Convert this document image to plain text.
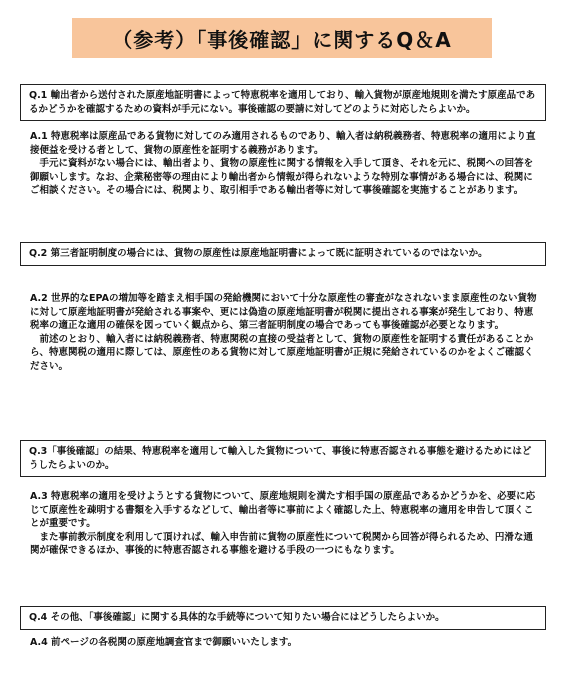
（参考）「事後確認」に関するQ＆A
Q.1 輸出者から送付された原産地証明書によって特恵税率を適用しており、輸入貨物が原産地規則を満たす原産品であるかどうかを確認するための資料が手元にない。事後確認の要請に対してどのように対応したらよいか。

A.1 特恵税率は原産品である貨物に対してのみ適用されるものであり、輸入者は納税義務者、特恵税率の適用により直接便益を受ける者として、貨物の原産性を証明する義務があります。

手元に資料がない場合には、輸出者より、貨物の原産性に関する情報を入手して頂き、それを元に、税関への回答を御願いします。なお、企業秘密等の理由により輸出者から情報が得られないような特別な事情がある場合には、税関にご相談ください。その場合には、税関より、取引相手である輸出者等に対して事後確認を実施することがあります。

Q.2 第三者証明制度の場合には、貨物の原産性は原産地証明書によって既に証明されているのではないか。

A.2 世界的なEPAの増加等を踏まえ相手国の発給機関において十分な原産性の審査がなされないまま原産性のない貨物に対して原産地証明書が発給される事案や、更には偽造の原産地証明書が税関に提出される事案が発生しており、特恵税率の適正な適用の確保を図っていく観点から、第三者証明制度の場合であっても事後確認が必要となります。

前述のとおり、輸入者には納税義務者、特恵関税の直接の受益者として、貨物の原産性を証明する責任があることから、特恵関税の適用に際しては、原産性のある貨物に対して原産地証明書が正規に発給されているのかをよくご確認ください。

Q.3「事後確認」の結果、特恵税率を適用して輸入した貨物について、事後に特恵否認される事態を避けるためにはどうしたらよいのか。

A.3 特恵税率の適用を受けようとする貨物について、原産地規則を満たす相手国の原産品であるかどうかを、必要に応じて原産性を疎明する書類を入手するなどして、輸出者等に事前によく確認した上、特恵税率の適用を申告して頂くことが重要です。

また事前教示制度を利用して頂ければ、輸入申告前に貨物の原産性について税関から回答が得られるため、円滑な通関が確保できるほか、事後的に特恵否認される事態を避ける手段の一つにもなります。

Q.4 その他、「事後確認」に関する具体的な手続等について知りたい場合にはどうしたらよいか。

A.4 前ページの各税関の原産地調査官まで御願いいたします。
